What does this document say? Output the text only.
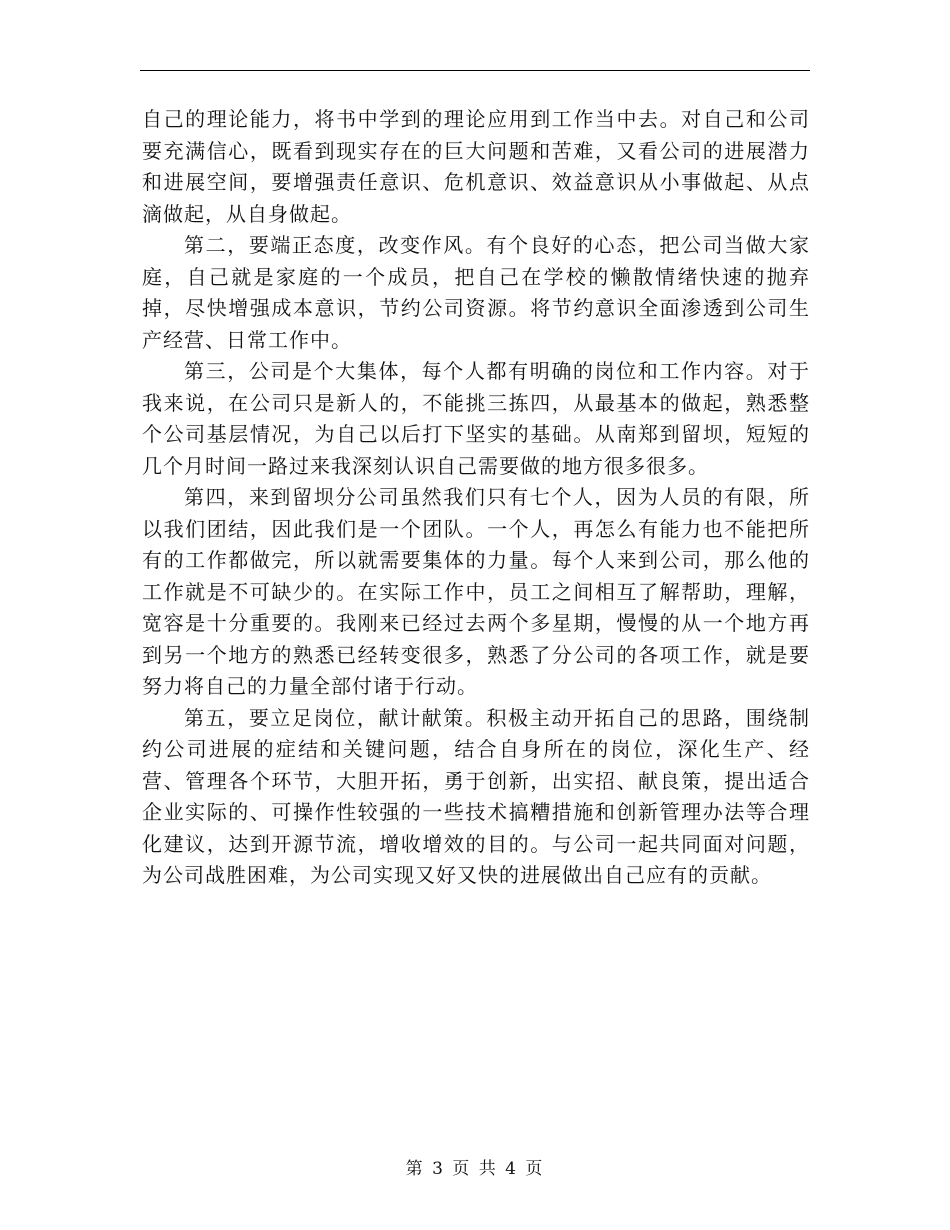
自己的理论能力，将书中学到的理论应用到工作当中去。对自己和公司要充满信心，既看到现实存在的巨大问题和苦难，又看公司的进展潜力和进展空间，要增强责任意识、危机意识、效益意识从小事做起、从点滴做起，从自身做起。

第二，要端正态度，改变作风。有个良好的心态，把公司当做大家庭，自己就是家庭的一个成员，把自己在学校的懒散情绪快速的抛弃掉，尽快增强成本意识，节约公司资源。将节约意识全面渗透到公司生产经营、日常工作中。

第三，公司是个大集体，每个人都有明确的岗位和工作内容。对于我来说，在公司只是新人的，不能挑三拣四，从最基本的做起，熟悉整个公司基层情况，为自己以后打下坚实的基础。从南郑到留坝，短短的几个月时间一路过来我深刻认识自己需要做的地方很多很多。

第四，来到留坝分公司虽然我们只有七个人，因为人员的有限，所以我们团结，因此我们是一个团队。一个人，再怎么有能力也不能把所有的工作都做完，所以就需要集体的力量。每个人来到公司，那么他的工作就是不可缺少的。在实际工作中，员工之间相互了解帮助，理解，宽容是十分重要的。我刚来已经过去两个多星期，慢慢的从一个地方再到另一个地方的熟悉已经转变很多，熟悉了分公司的各项工作，就是要努力将自己的力量全部付诸于行动。

第五，要立足岗位，献计献策。积极主动开拓自己的思路，围绕制约公司进展的症结和关键问题，结合自身所在的岗位，深化生产、经营、管理各个环节，大胆开拓，勇于创新，出实招、献良策，提出适合企业实际的、可操作性较强的一些技术搞糟措施和创新管理办法等合理化建议，达到开源节流，增收增效的目的。与公司一起共同面对问题，为公司战胜困难，为公司实现又好又快的进展做出自己应有的贡献。

第 3 页 共 4 页
